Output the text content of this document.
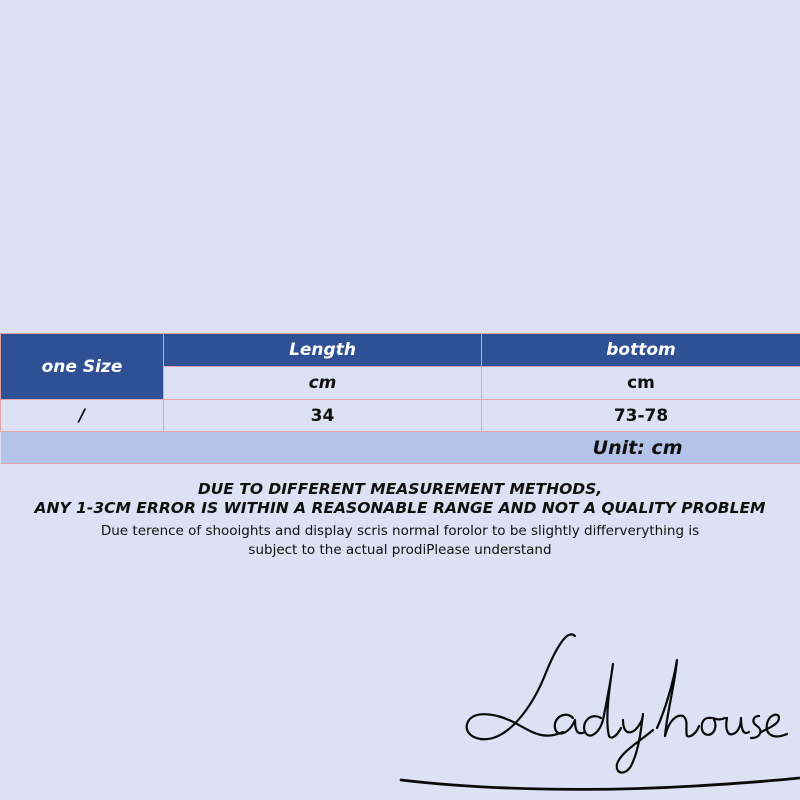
one Size	Length	bottom
	cm	cm
/	34	73-78
Unit: cm		
DUE TO DIFFERENT MEASUREMENT METHODS,
ANY 1-3CM ERROR IS WITHIN A REASONABLE RANGE AND NOT A QUALITY PROBLEM
Due terence of shooights and display scris normal forolor to be slightly differverything is
subject to the actual prodiPlease understand
